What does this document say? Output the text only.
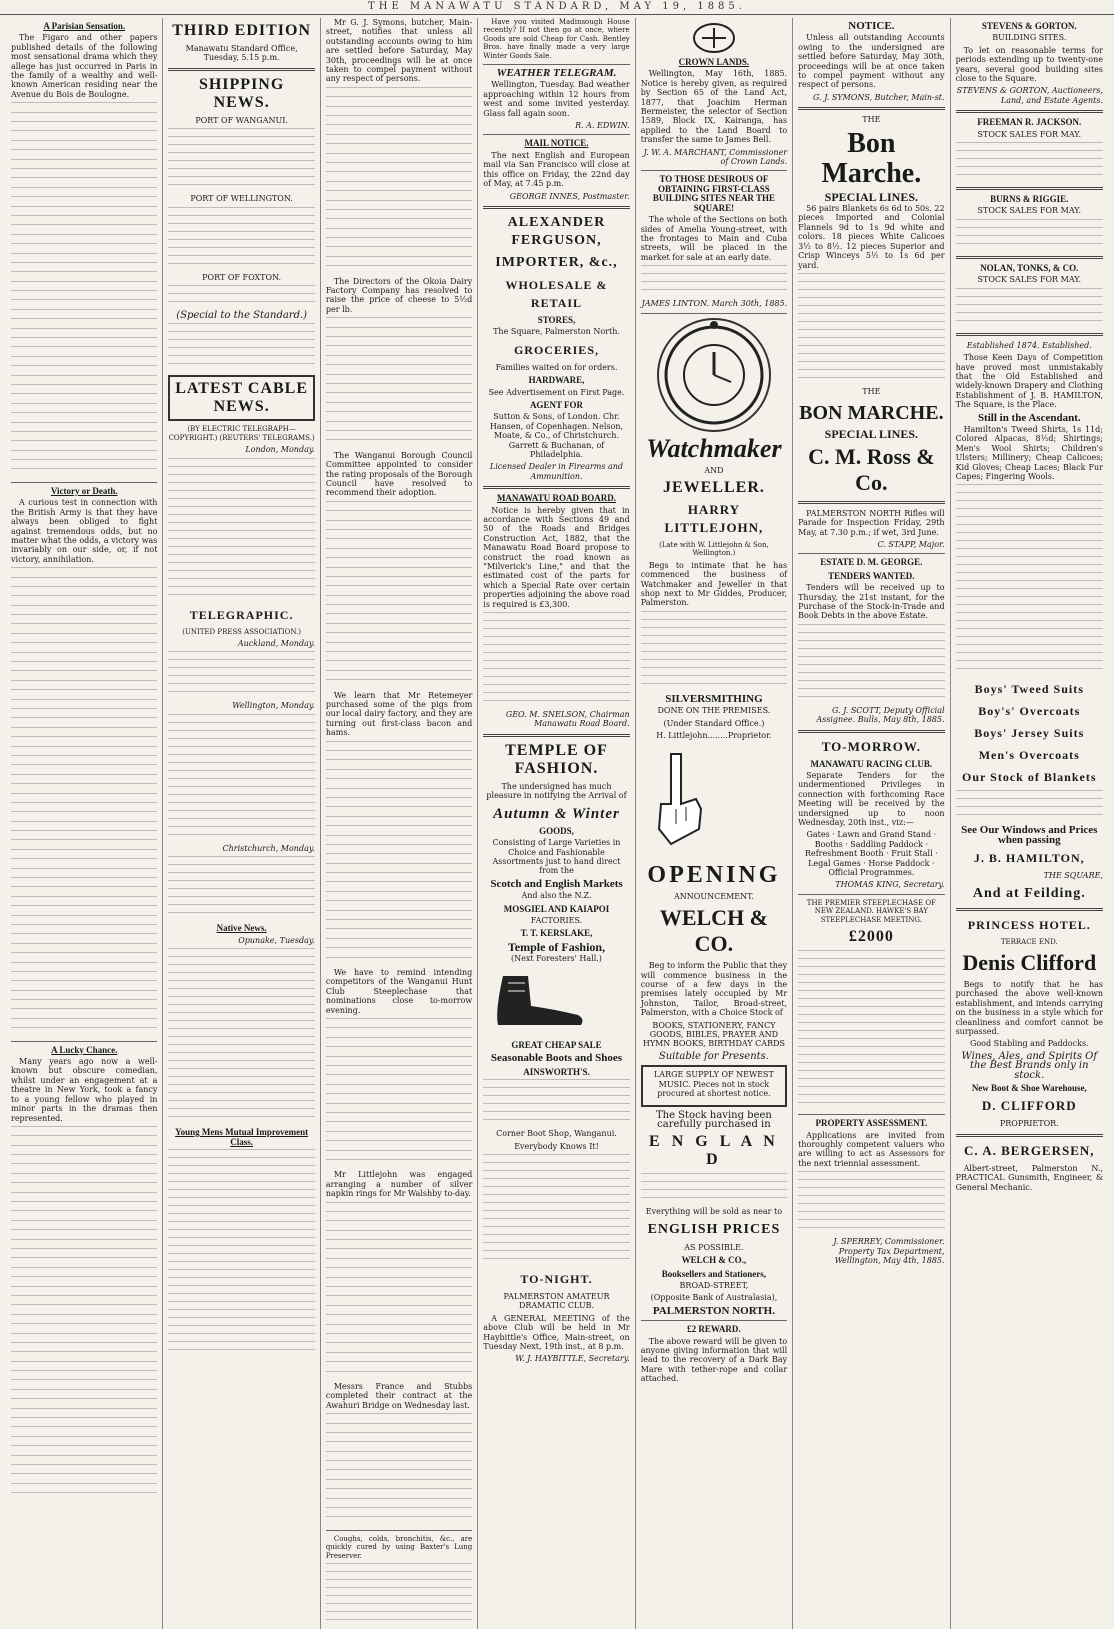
THE MANAWATU STANDARD, MAY 19, 1885.
A Parisian Sensation.

The Figaro and other papers published details of the following most sensational drama which they allege has just occurred in Paris in the family of a wealthy and well-known American residing near the Avenue du Bois de Boulogne.

Victory or Death.

A curious test in connection with the British Army is that they have always been obliged to fight against tremendous odds, but no matter what the odds, a victory was invariably on our side, or, if not victory, annihilation.

A Lucky Chance.

Many years ago now a well-known but obscure comedian, whilst under an engagement at a theatre in New York, took a fancy to a young fellow who played in minor parts in the dramas then represented.

THIRD EDITION

Manawatu Standard Office, Tuesday, 5.15 p.m.

SHIPPING NEWS.

PORT OF WANGANUI.

PORT OF WELLINGTON.

PORT OF FOXTON.

(Special to the Standard.)

LATEST CABLE NEWS.

(BY ELECTRIC TELEGRAPH—COPYRIGHT.) (REUTERS' TELEGRAMS.)

London, Monday.

TELEGRAPHIC.

(UNITED PRESS ASSOCIATION.)

Auckland, Monday.

Wellington, Monday.

Christchurch, Monday.

Native News.

Opunake, Tuesday.

Young Mens Mutual Improvement Class.

Mr G. J. Symons, butcher, Main-street, notifies that unless all outstanding accounts owing to him are settled before Saturday, May 30th, proceedings will be at once taken to compel payment without any respect of persons.

The Directors of the Okoia Dairy Factory Company has resolved to raise the price of cheese to 5½d per lb.

The Wanganui Borough Council Committee appointed to consider the rating proposals of the Borough Council have resolved to recommend their adoption.

We learn that Mr Retemeyer purchased some of the pigs from our local dairy factory, and they are turning out first-class bacon and hams.

We have to remind intending competitors of the Wanganui Hunt Club Steeplechase that nominations close to-morrow evening.

Mr Littlejohn was engaged arranging a number of silver napkin rings for Mr Walshby to-day.

Messrs France and Stubbs completed their contract at the Awahuri Bridge on Wednesday last.

Coughs, colds, bronchitis, &c., are quickly cured by using Baxter's Lung Preserver.

Have you visited Madinsough House recently? If not then go at once, where Goods are sold Cheap for Cash. Bentley Bros. have finally made a very large Winter Goods Sale.

WEATHER TELEGRAM.

Wellington, Tuesday. Bad weather approaching within 12 hours from west and some invited yesterday. Glass fall again soon.

R. A. EDWIN.

MAIL NOTICE.

The next English and European mail via San Francisco will close at this office on Friday, the 22nd day of May, at 7.45 p.m.

GEORGE INNES, Postmaster.

ALEXANDER FERGUSON,
IMPORTER, &c.,
WHOLESALE & RETAIL
STORES,

The Square, Palmerston North.

GROCERIES,

Families waited on for orders.

HARDWARE,

See Advertisement on First Page.

AGENT FOR

Sutton & Sons, of London. Chr. Hansen, of Copenhagen. Nelson, Moate, & Co., of Christchurch. Garrett & Buchanan, of Philadelphia.

Licensed Dealer in Firearms and Ammunition.

MANAWATU ROAD BOARD.

Notice is hereby given that in accordance with Sections 49 and 50 of the Roads and Bridges Construction Act, 1882, that the Manawatu Road Board propose to construct the road known as "Milverick's Line," and that the estimated cost of the parts for which a Special Rate over certain properties adjoining the above road is required is £3,300.

GEO. M. SNELSON, Chairman Manawatu Road Board.

TEMPLE OF FASHION.

The undersigned has much pleasure in notifying the Arrival of

Autumn & Winter
GOODS,

Consisting of Large Varieties in Choice and Fashionable Assortments just to hand direct from the

Scotch and English Markets

And also the N.Z.

MOSGIEL AND KAIAPOI

FACTORIES.

T. T. KERSLAKE,
Temple of Fashion,

(Next Foresters' Hall.)

GREAT CHEAP SALE
Seasonable Boots and Shoes
AINSWORTH'S.

Corner Boot Shop, Wanganui.

Everybody Knows It!

TO-NIGHT.

PALMERSTON AMATEUR DRAMATIC CLUB.

A GENERAL MEETING of the above Club will be held in Mr Haybittle's Office, Main-street, on Tuesday Next, 19th inst., at 8 p.m.

W. J. HAYBITTLE, Secretary.

CROWN LANDS.

Wellington, May 16th, 1885. Notice is hereby given, as required by Section 65 of the Land Act, 1877, that Joachim Herman Bermeister, the selector of Section 1589, Block IX, Kairanga, has applied to the Land Board to transfer the same to James Bell.

J. W. A. MARCHANT, Commissioner of Crown Lands.

TO THOSE DESIROUS OF OBTAINING FIRST-CLASS BUILDING SITES NEAR THE SQUARE!

The whole of the Sections on both sides of Amelia Young-street, with the frontages to Main and Cuba streets, will be placed in the market for sale at an early date.

JAMES LINTON. March 30th, 1885.

Watchmaker

AND

JEWELLER.
HARRY LITTLEJOHN,

(Late with W. Littlejohn & Son, Wellington.)

Begs to intimate that he has commenced the business of Watchmaker and Jeweller in that shop next to Mr Giddes, Producer, Palmerston.

SILVERSMITHING

DONE ON THE PREMISES.

(Under Standard Office.)

H. Littlejohn........Proprietor.

OPENING

ANNOUNCEMENT.

WELCH & CO.

Beg to inform the Public that they will commence business in the course of a few days in the premises lately occupied by Mr Johnston, Tailor, Broad-street, Palmerston, with a Choice Stock of

BOOKS, STATIONERY, FANCY GOODS, BIBLES, PRAYER AND HYMN BOOKS, BIRTHDAY CARDS

Suitable for Presents.

LARGE SUPPLY OF NEWEST MUSIC. Pieces not in stock procured at shortest notice.

The Stock having been carefully purchased in

E N G L A N D

Everything will be sold as near to

ENGLISH PRICES

AS POSSIBLE.

WELCH & CO.,
Booksellers and Stationers,

BROAD-STREET,

(Opposite Bank of Australasia),

PALMERSTON NORTH.
£2 REWARD.

The above reward will be given to anyone giving information that will lead to the recovery of a Dark Bay Mare with tether-rope and collar attached.

NOTICE.

Unless all outstanding Accounts owing to the undersigned are settled before Saturday, May 30th, proceedings will be at once taken to compel payment without any respect of persons.

G. J. SYMONS, Butcher, Main-st.

THE

Bon Marche.
SPECIAL LINES.

56 pairs Blankets 6s 6d to 50s. 22 pieces Imported and Colonial Flannels 9d to 1s 9d white and colors. 18 pieces White Calicoes 3½ to 8½. 12 pieces Superior and Crisp Winceys 5½ to 1s 6d per yard.

THE

BON MARCHE.
SPECIAL LINES.
C. M. Ross & Co.

PALMERSTON NORTH Rifles will Parade for Inspection Friday, 29th May, at 7.30 p.m.; if wet, 3rd June.

C. STAPP, Major.

ESTATE D. M. GEORGE.
TENDERS WANTED.

Tenders will be received up to Thursday, the 21st instant, for the Purchase of the Stock-in-Trade and Book Debts in the above Estate.

G. J. SCOTT, Deputy Official Assignee. Bulls, May 8th, 1885.

TO-MORROW.
MANAWATU RACING CLUB.

Separate Tenders for the undermentioned Privileges in connection with forthcoming Race Meeting will be received by the undersigned up to noon Wednesday, 20th inst., viz:—

Gates · Lawn and Grand Stand · Booths · Saddling Paddock · Refreshment Booth · Fruit Stall · Legal Games · Horse Paddock · Official Programmes.

THOMAS KING, Secretary.

THE PREMIER STEEPLECHASE OF NEW ZEALAND. HAWKE'S BAY STEEPLECHASE MEETING.

£2000
PROPERTY ASSESSMENT.

Applications are invited from thoroughly competent valuers who are willing to act as Assessors for the next triennial assessment.

J. SPERREY, Commissioner. Property Tax Department, Wellington, May 4th, 1885.

STEVENS & GORTON.

BUILDING SITES.

To let on reasonable terms for periods extending up to twenty-one years, several good building sites close to the Square.

STEVENS & GORTON, Auctioneers, Land, and Estate Agents.

FREEMAN R. JACKSON.

STOCK SALES FOR MAY.

BURNS & RIGGIE.

STOCK SALES FOR MAY.

NOLAN, TONKS, & CO.

STOCK SALES FOR MAY.

Established 1874. Established.

Those Keen Days of Competition have proved most unmistakably that the Old Established and widely-known Drapery and Clothing Establishment of J. B. HAMILTON, The Square, is the Place.

Still in the Ascendant.

Hamilton's Tweed Shirts, 1s 11d; Colored Alpacas, 8½d; Shirtings; Men's Wool Shirts; Children's Ulsters; Millinery; Cheap Calicoes; Kid Gloves; Cheap Laces; Black Fur Capes; Fingering Wools.

Boys' Tweed Suits
Boy's' Overcoats
Boys' Jersey Suits
Men's Overcoats
Our Stock of Blankets
See Our Windows and Prices when passing
J. B. HAMILTON,

THE SQUARE,

And at Feilding.
PRINCESS HOTEL.

TERRACE END.

Denis Clifford

Begs to notify that he has purchased the above well-known establishment, and intends carrying on the business in a style which for cleanliness and comfort cannot be surpassed.

Good Stabling and Paddocks.

Wines, Ales, and Spirits Of the Best Brands only in stock.

New Boot & Shoe Warehouse,
D. CLIFFORD

PROPRIETOR.

C. A. BERGERSEN,

Albert-street, Palmerston N., PRACTICAL Gunsmith, Engineer, & General Mechanic.
